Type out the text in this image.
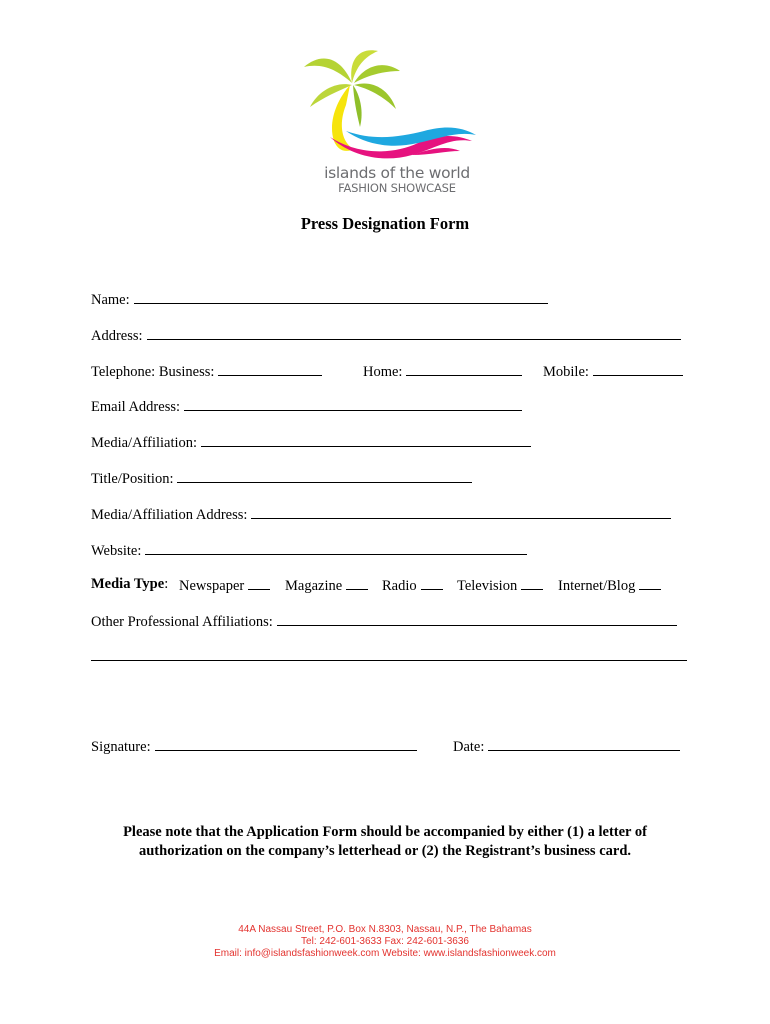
islands of the world
FASHION SHOWCASE
Press Designation Form
Name:
Address:
Telephone: Business:	Home:	Mobile:
Email Address:
Media/Affiliation:
Title/Position:
Media/Affiliation Address:
Website:
Media Type: Newspaper	Magazine	Radio	Television	Internet/Blog
Other Professional Affiliations:
Signature:	Date:
Please note that the Application Form should be accompanied by either (1) a letter of
authorization on the company’s letterhead or (2) the Registrant’s business card.
44A Nassau Street, P.O. Box N.8303, Nassau, N.P., The Bahamas
Tel: 242-601-3633 Fax: 242-601-3636
Email: info@islandsfashionweek.com Website: www.islandsfashionweek.com
